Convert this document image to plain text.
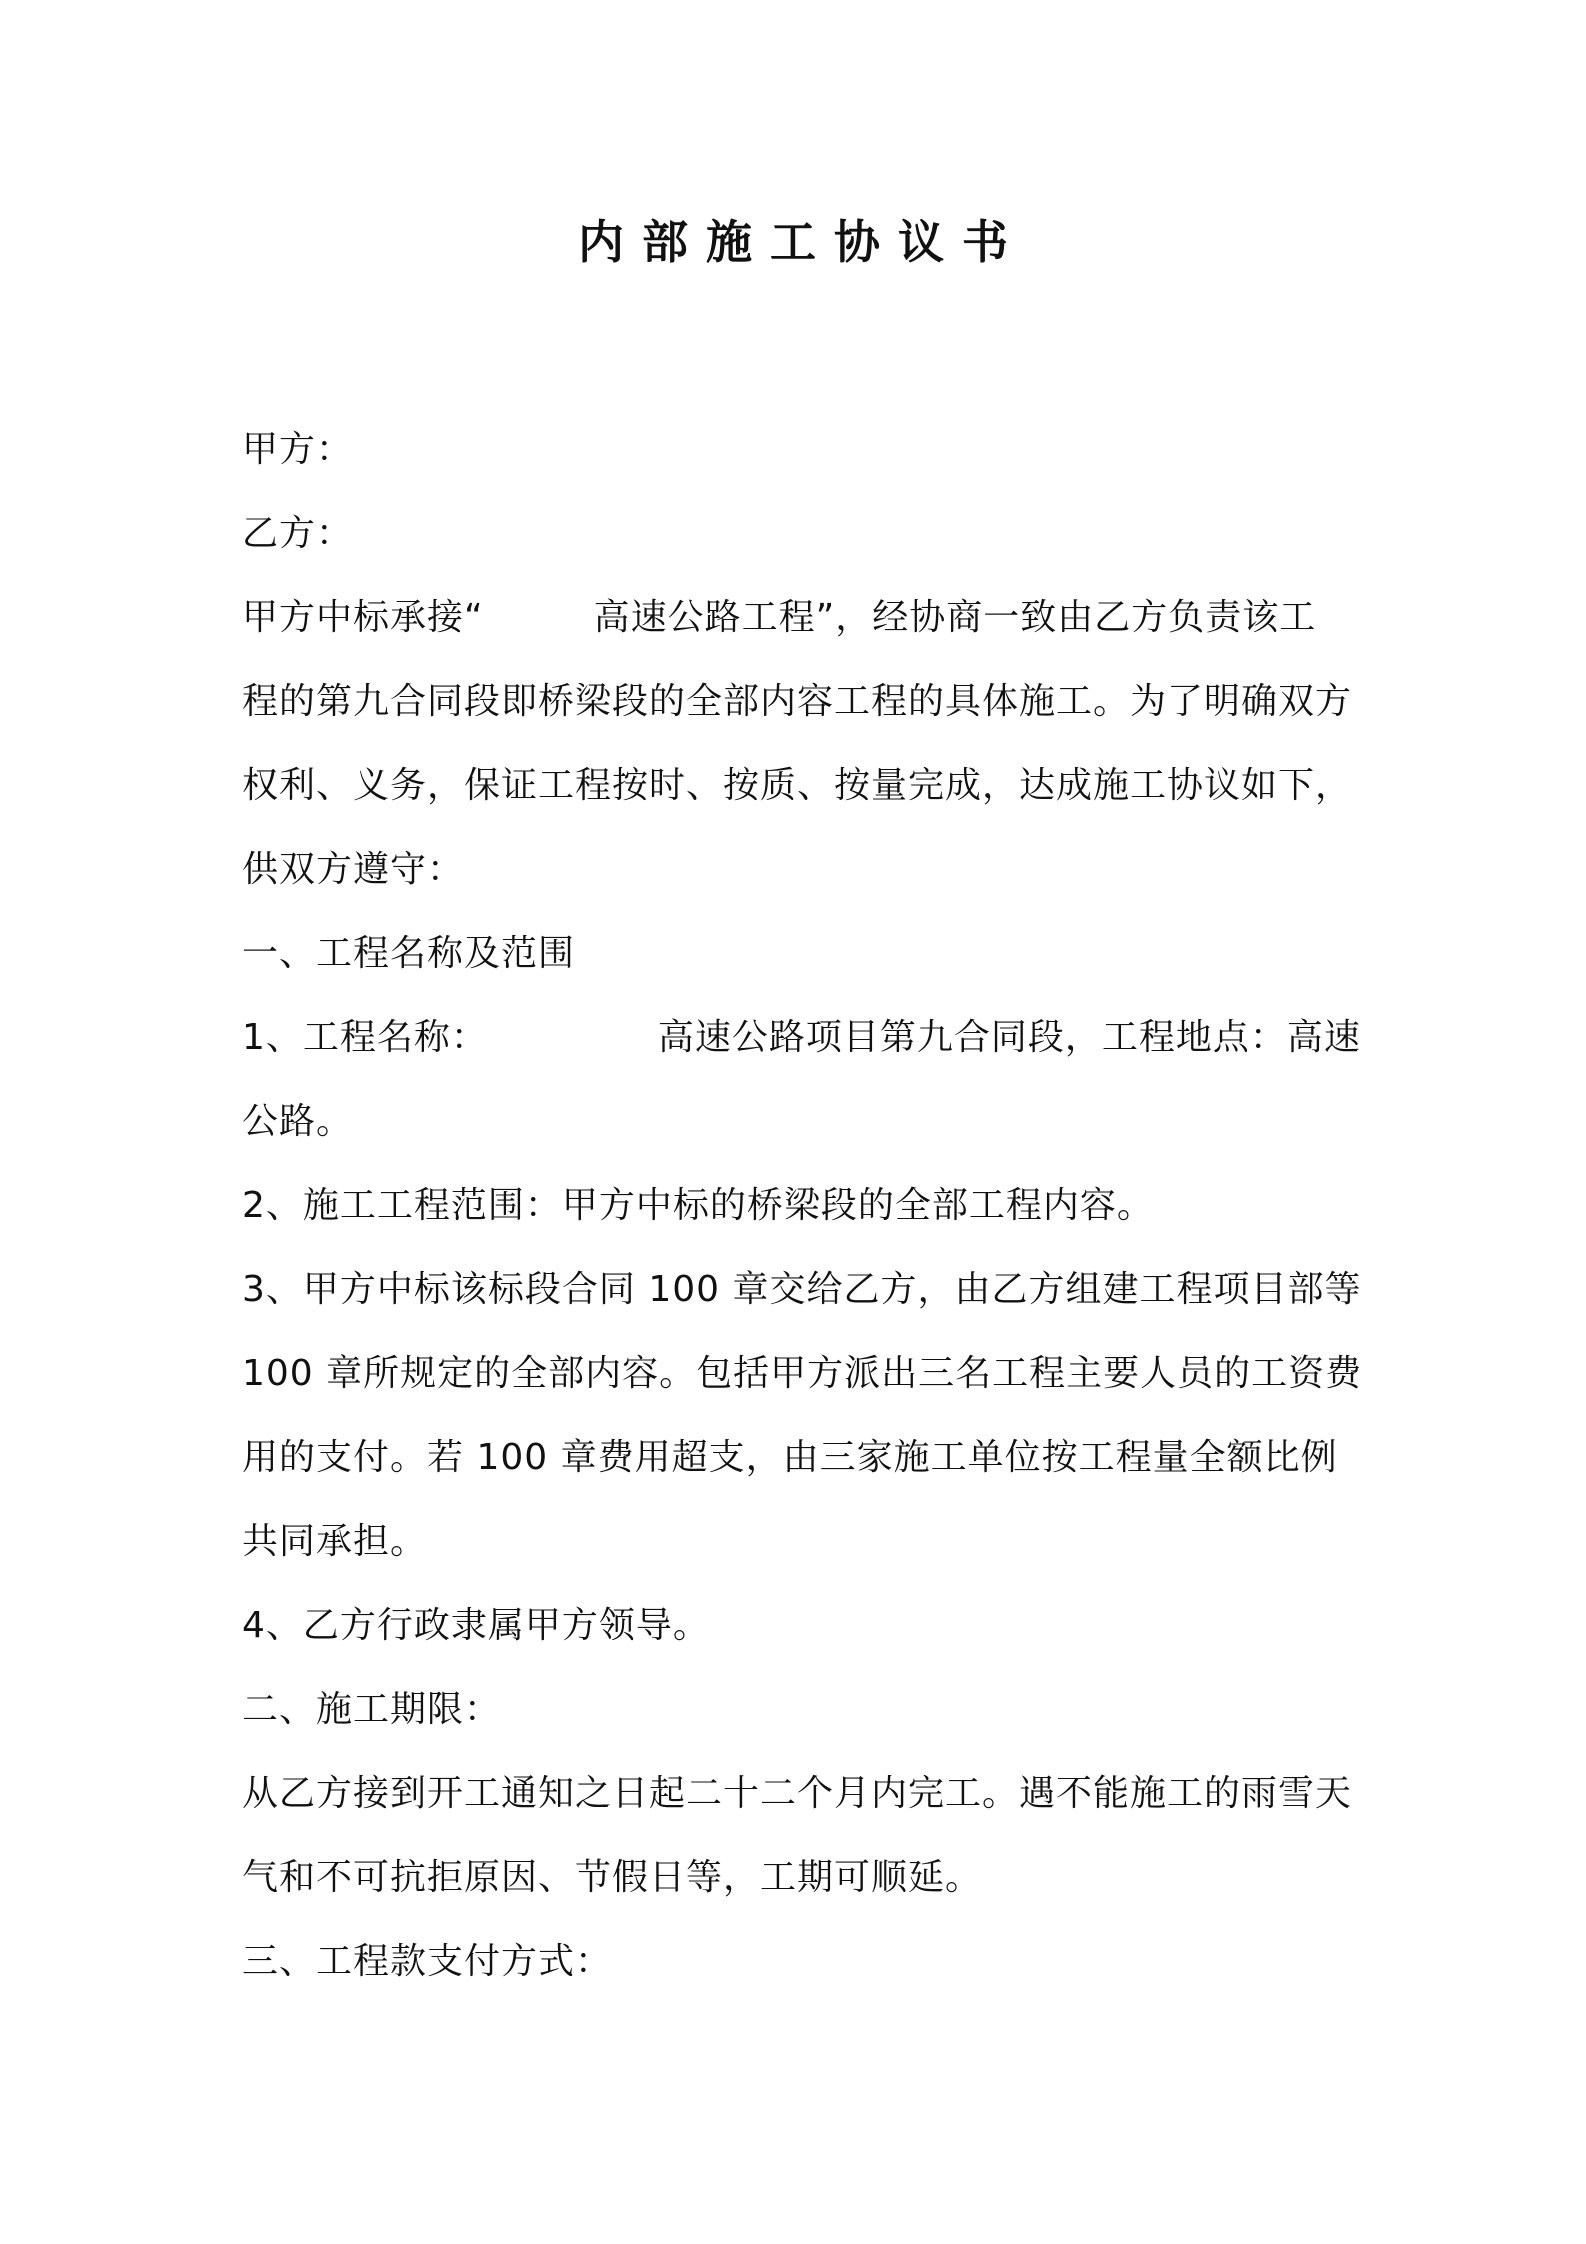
内部施工协议书
甲方：
乙方：
甲方中标承接“	高速公路工程”，经协商一致由乙方负责该工
程的第九合同段即桥梁段的全部内容工程的具体施工。为了明确双方
权利、义务，保证工程按时、按质、按量完成，达成施工协议如下，
供双方遵守：
一、工程名称及范围
1、工程名称：	高速公路项目第九合同段，工程地点：高速
公路。
2、施工工程范围：甲方中标的桥梁段的全部工程内容。
3、甲方中标该标段合同 100 章交给乙方，由乙方组建工程项目部等
100 章所规定的全部内容。包括甲方派出三名工程主要人员的工资费
用的支付。若 100 章费用超支，由三家施工单位按工程量全额比例
共同承担。
4、乙方行政隶属甲方领导。
二、施工期限：
从乙方接到开工通知之日起二十二个月内完工。遇不能施工的雨雪天
气和不可抗拒原因、节假日等，工期可顺延。
三、工程款支付方式：
